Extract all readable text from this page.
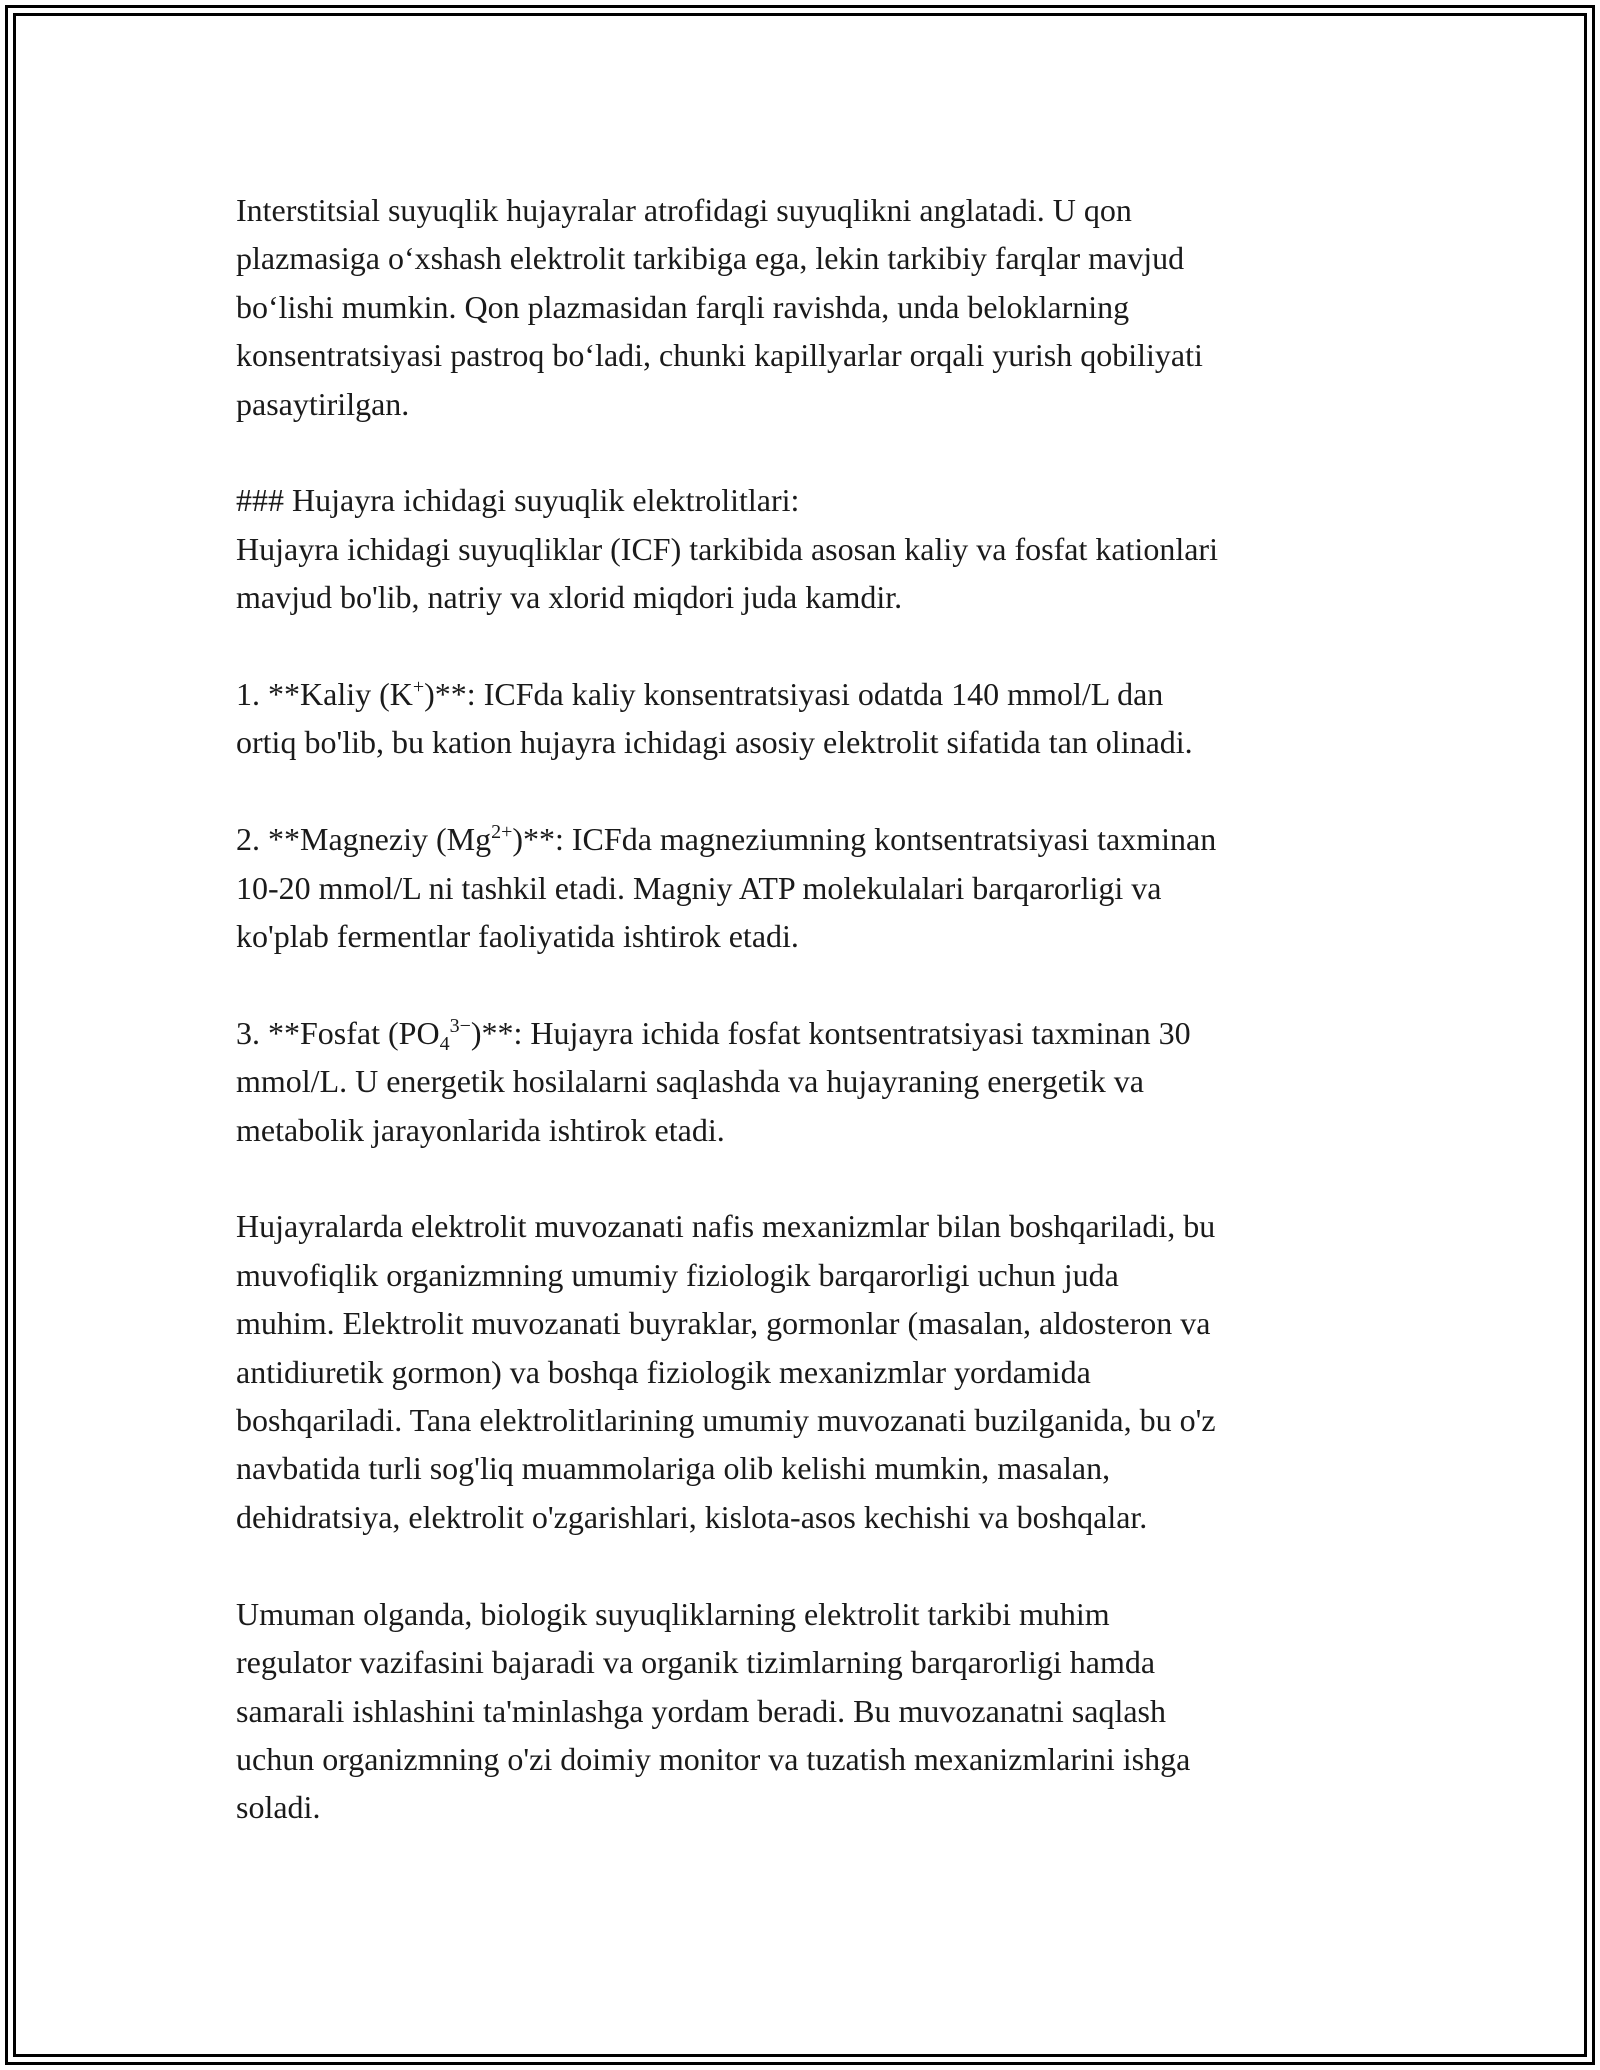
Interstitsial suyuqlik hujayralar atrofidagi suyuqlikni anglatadi. U qon
plazmasiga o‘xshash elektrolit tarkibiga ega, lekin tarkibiy farqlar mavjud
bo‘lishi mumkin. Qon plazmasidan farqli ravishda, unda beloklarning
konsentratsiyasi pastroq bo‘ladi, chunki kapillyarlar orqali yurish qobiliyati
pasaytirilgan.
### Hujayra ichidagi suyuqlik elektrolitlari:
Hujayra ichidagi suyuqliklar (ICF) tarkibida asosan kaliy va fosfat kationlari
mavjud bo'lib, natriy va xlorid miqdori juda kamdir.
1. **Kaliy (K+)**: ICFda kaliy konsentratsiyasi odatda 140 mmol/L dan
ortiq bo'lib, bu kation hujayra ichidagi asosiy elektrolit sifatida tan olinadi.
2. **Magneziy $(Mg^{2+})**$: ICFda magneziumning kontsentratsiyasi taxminan
10-20 mmol/L ni tashkil etadi. Magniy ATP molekulalari barqarorligi va
ko'plab fermentlar faoliyatida ishtirok etadi.
3. **Fosfat $(PO_4^{3-})**$: Hujayra ichida fosfat kontsentratsiyasi taxminan 30
mmol/L. U energetik hosilalarni saqlashda va hujayraning energetik va
metabolik jarayonlarida ishtirok etadi.
Hujayralarda elektrolit muvozanati nafis mexanizmlar bilan boshqariladi, bu
muvofiqlik organizmning umumiy fiziologik barqarorligi uchun juda
muhim. Elektrolit muvozanati buyraklar, gormonlar (masalan, aldosteron va
antidiuretik gormon) va boshqa fiziologik mexanizmlar yordamida
boshqariladi. Tana elektrolitlarining umumiy muvozanati buzilganida, bu o'z
navbatida turli sog'liq muammolariga olib kelishi mumkin, masalan,
dehidratsiya, elektrolit o'zgarishlari, kislota-asos kechishi va boshqalar.
Umuman olganda, biologik suyuqliklarning elektrolit tarkibi muhim
regulator vazifasini bajaradi va organik tizimlarning barqarorligi hamda
samarali ishlashini ta'minlashga yordam beradi. Bu muvozanatni saqlash
uchun organizmning o'zi doimiy monitor va tuzatish mexanizmlarini ishga
soladi.
